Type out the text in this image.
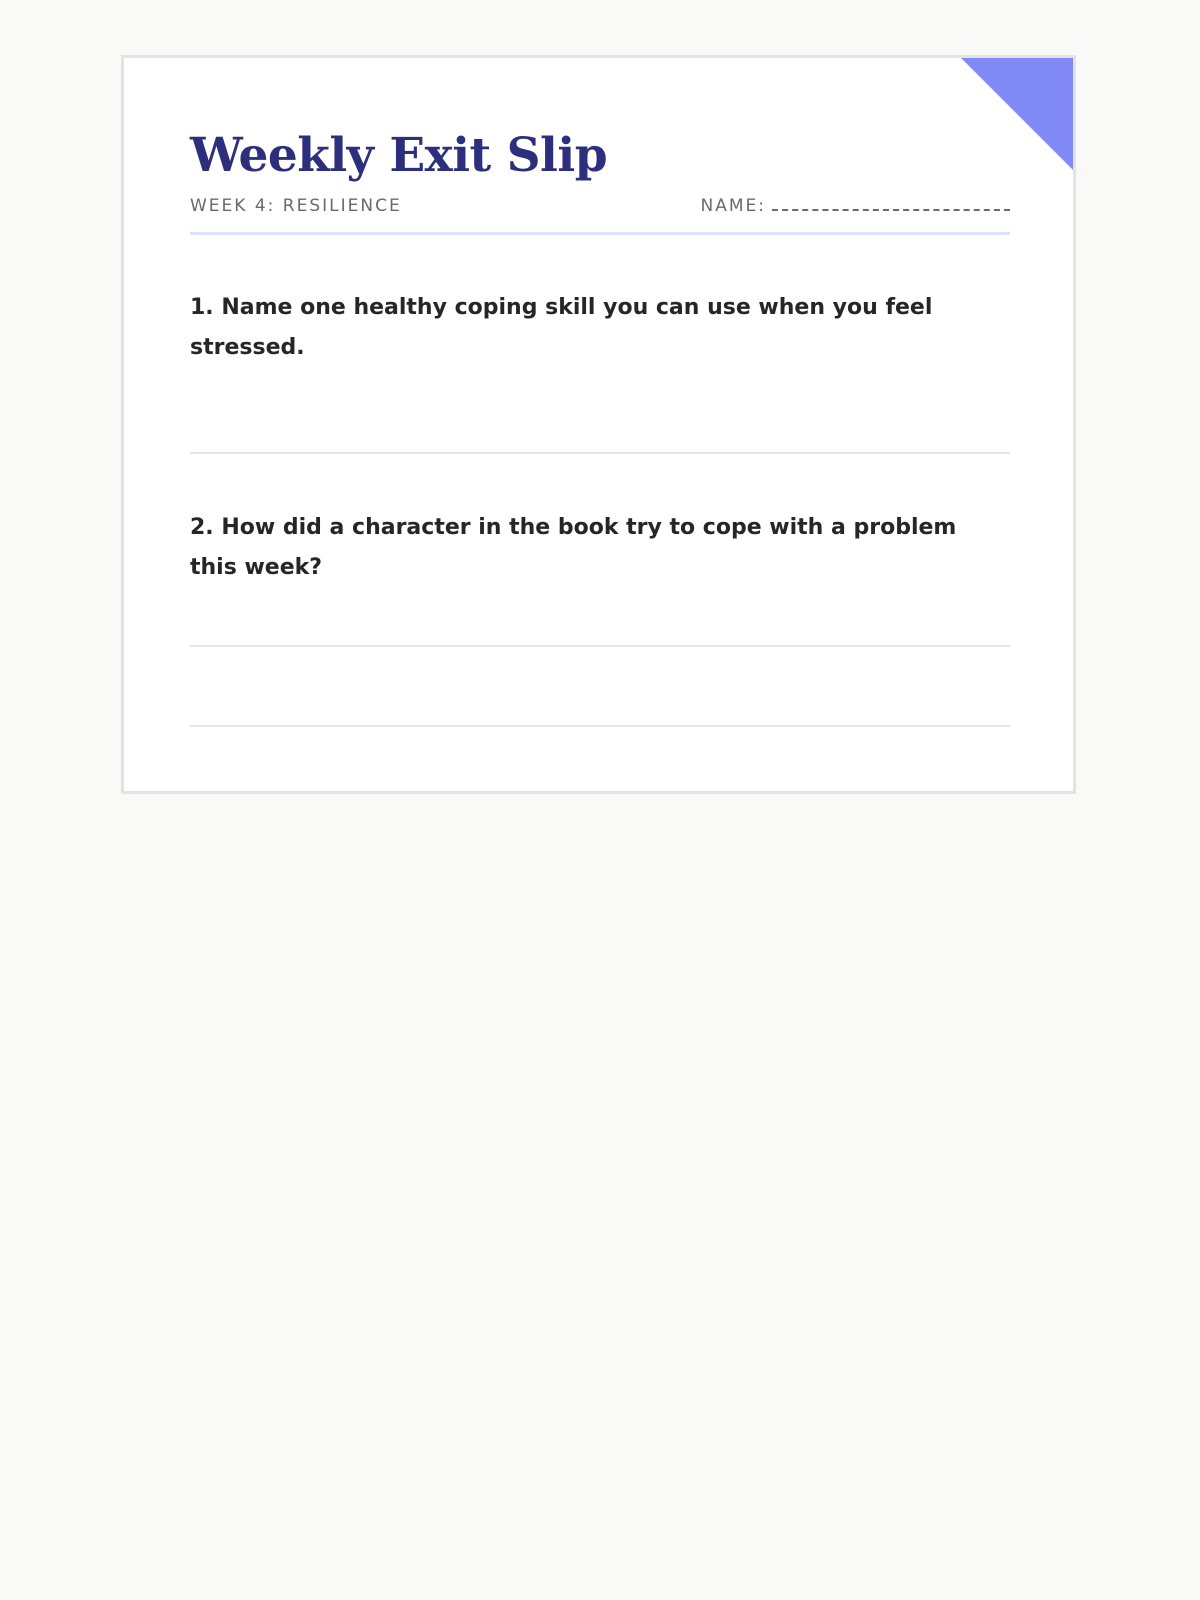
Weekly Exit Slip
WEEK 4: RESILIENCE	NAME:

1. Name one healthy coping skill you can use when you feel stressed.

2. How did a character in the book try to cope with a problem this week?
